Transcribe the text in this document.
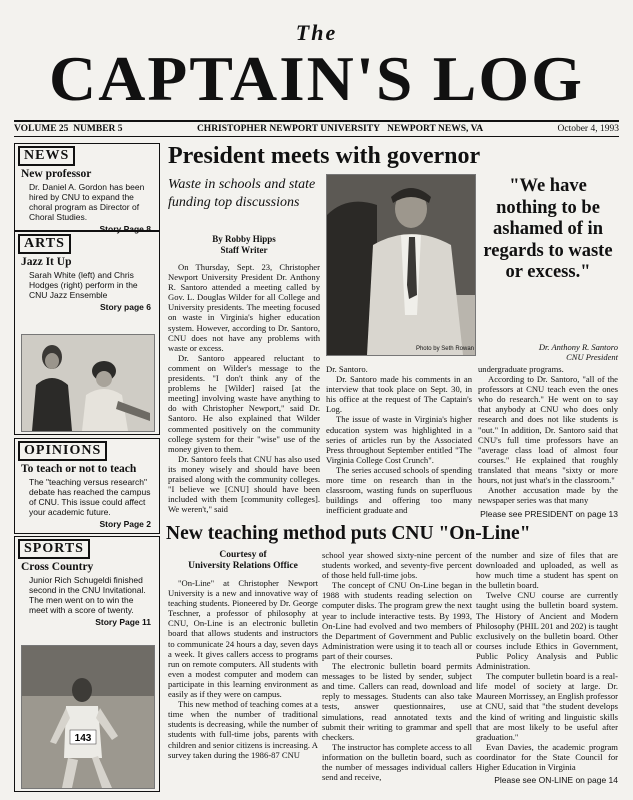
The
CAPTAIN'S LOG
VOLUME 25 NUMBER 5	CHRISTOPHER NEWPORT UNIVERSITY NEWPORT NEWS, VA	October 4, 1993
NEWS
New professor
Dr. Daniel A. Gordon has been hired by CNU to expand the choral program as Director of Choral Studies.
Story Page 8
ARTS
Jazz It Up
Sarah White (left) and Chris Hodges (right) perform in the CNU Jazz Ensemble
Story page 6
OPINIONS
To teach or not to teach
The "teaching versus research" debate has reached the campus of CNU. This issue could affect your academic future.
Story Page 2
SPORTS
Cross Country
Junior Rich Schugeldi finished second in the CNU Invitational. The men went on to win the meet with a score of twenty.
Story Page 11
143
President meets with governor
Waste in schools and state funding top discussions
By Robby Hipps
Staff Writer

On Thursday, Sept. 23, Christopher Newport University President Dr. Anthony R. Santoro attended a meeting called by Gov. L. Douglas Wilder for all College and University presidents. The meeting focused on waste in Virginia's higher education system. However, according to Dr. Santoro, CNU does not have any problems with waste or excess.

Dr. Santoro appeared reluctant to comment on Wilder's message to the presidents. "I don't think any of the problems he [Wilder] raised [at the meeting] involving waste have anything to do with Christopher Newport," said Dr. Santoro. He also explained that Wilder commented positively on the community college system for their "wise" use of the money given to them.

Dr. Santoro feels that CNU has also used its money wisely and should have been praised along with the community colleges. "I believe we [CNU] should have been included with them [community colleges]. We weren't," said

Photo by Seth Rowan
"We have nothing to be ashamed of in regards to waste or excess."
Dr. Anthony R. Santoro
CNU President

Dr. Santoro.

Dr. Santoro made his comments in an interview that took place on Sept. 30, in his office at the request of The Captain's Log.

The issue of waste in Virginia's higher education system was highlighted in a series of articles run by the Associated Press throughout September entitled "The Virginia College Cost Crunch".

The series accused schools of spending more time on research than in the classroom, wasting funds on superfluous buildings and offering too many inefficient graduate and

undergraduate programs.

According to Dr. Santoro, "all of the professors at CNU teach even the ones who do research." He went on to say that anybody at CNU who does only research and does not like students is "out." In addition, Dr. Santoro said that CNU's full time professors have an "average class load of almost four courses." He explained that roughly translated that means "sixty or more hours, not just what's in the classroom."

Another accusation made by the newspaper series was that many

Please see PRESIDENT on page 13
New teaching method puts CNU "On-Line"
Courtesy of
University Relations Office

"On-Line" at Christopher Newport University is a new and innovative way of teaching students. Pioneered by Dr. George Teschner, a professor of philosophy at CNU, On-Line is an electronic bulletin board that allows students and instructors to communicate 24 hours a day, seven days a week. It gives callers access to programs run on remote computers. All students with even a modest computer and modem can participate in this learning environment as easily as if they were on campus.

This new method of teaching comes at a time when the number of traditional students is decreasing, while the number of students with full-time jobs, parents with children and senior citizens is increasing. A survey taken during the 1986-87 CNU

school year showed sixty-nine percent of students worked, and seventy-five percent of those held full-time jobs.

The concept of CNU On-Line began in 1988 with students reading selection on computer disks. The program grew the next year to include interactive tests. By 1993, On-Line had evolved and two members of the Department of Government and Public Administration were using it to teach all or part of their courses.

The electronic bulletin board permits messages to be listed by sender, subject and time. Callers can read, download and reply to messages. Students can also take tests, answer questionnaires, use simulations, read annotated texts and submit their writing to grammar and spell checkers.

The instructor has complete access to all information on the bulletin board, such as the number of messages individual callers send and receive,

the number and size of files that are downloaded and uploaded, as well as how much time a student has spent on the bulletin board.

Twelve CNU course are currently taught using the bulletin board system. The History of Ancient and Modern Philosophy (PHIL 201 and 202) is taught exclusively on the bulletin board. Other courses include Ethics in Government, Public Policy Analysis and Public Administration.

The computer bulletin board is a real-life model of society at large. Dr. Maureen Morrissey, an English professor at CNU, said that "the student develops the kind of writing and linguistic skills that are most likely to be useful after graduation."

Evan Davies, the academic program coordinator for the State Council for Higher Education in Virginia

Please see ON-LINE on page 14
